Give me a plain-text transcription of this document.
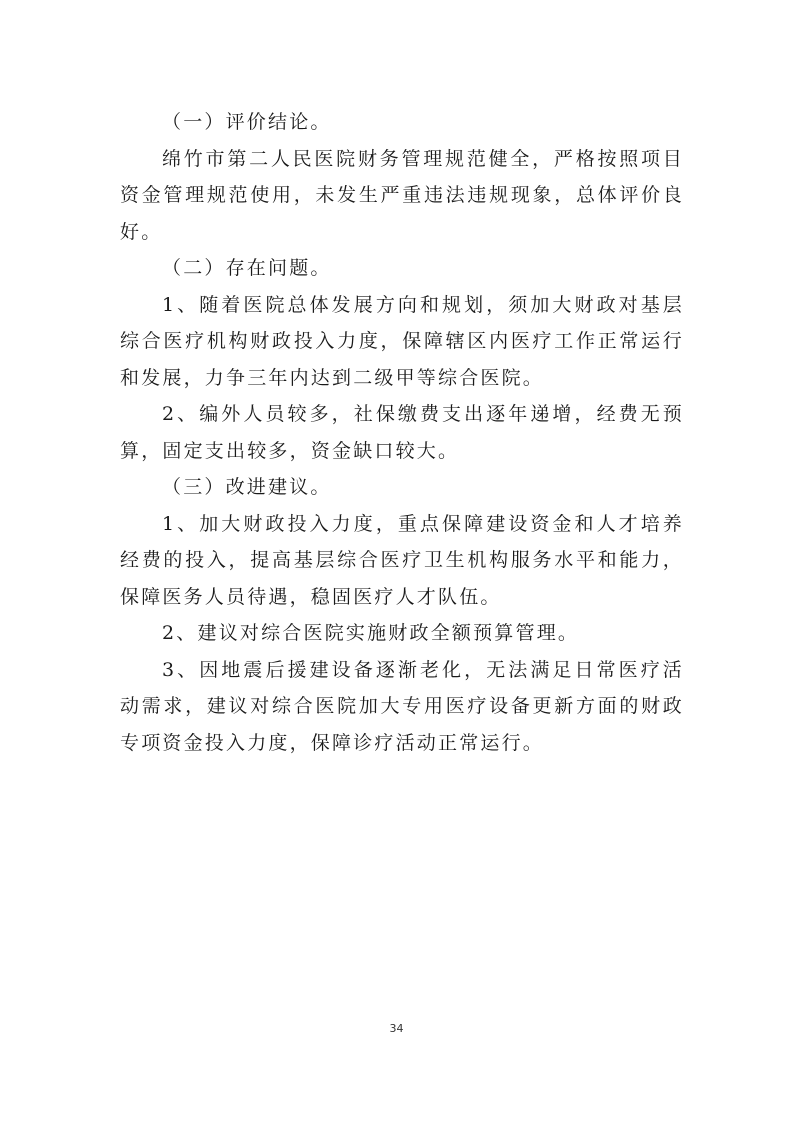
（一）评价结论。

绵竹市第二人民医院财务管理规范健全，严格按照项目资金管理规范使用，未发生严重违法违规现象，总体评价良好。

（二）存在问题。

1、随着医院总体发展方向和规划，须加大财政对基层综合医疗机构财政投入力度，保障辖区内医疗工作正常运行和发展，力争三年内达到二级甲等综合医院。

2、编外人员较多，社保缴费支出逐年递增，经费无预算，固定支出较多，资金缺口较大。

（三）改进建议。

1、加大财政投入力度，重点保障建设资金和人才培养经费的投入，提高基层综合医疗卫生机构服务水平和能力，保障医务人员待遇，稳固医疗人才队伍。

2、建议对综合医院实施财政全额预算管理。

3、因地震后援建设备逐渐老化，无法满足日常医疗活动需求，建议对综合医院加大专用医疗设备更新方面的财政专项资金投入力度，保障诊疗活动正常运行。

34
